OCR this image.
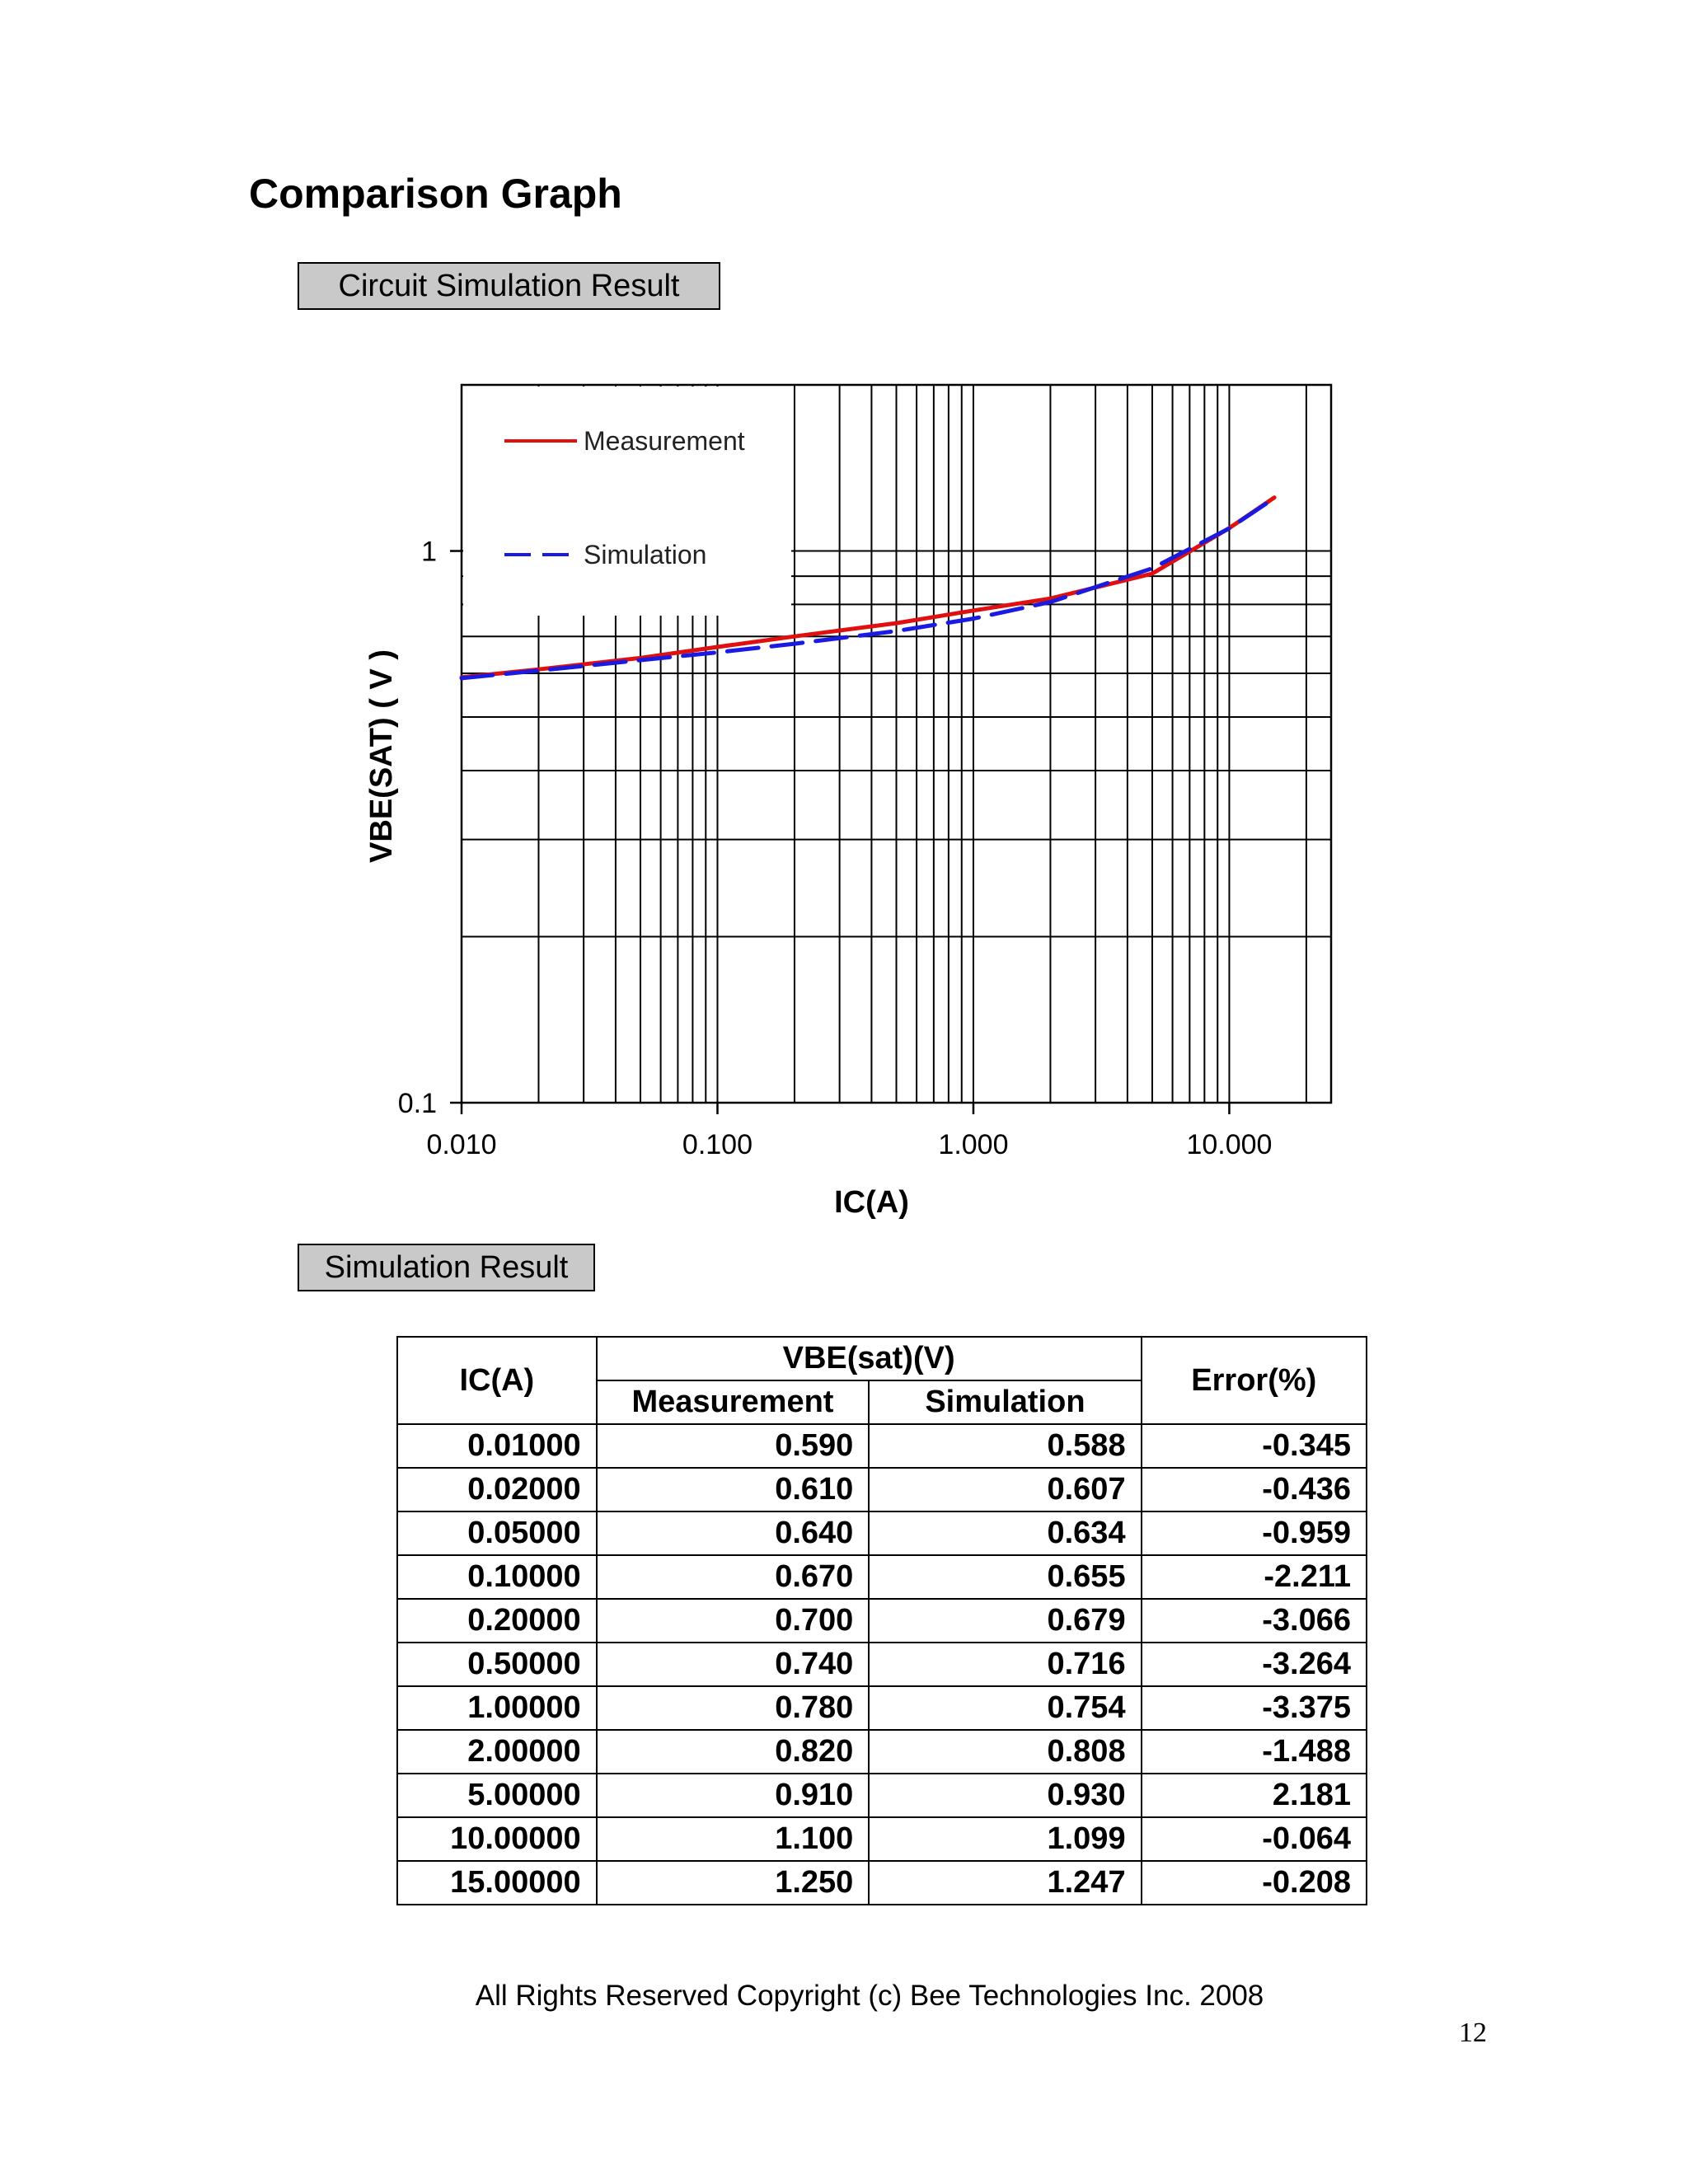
Comparison Graph
Circuit Simulation Result
Measurement
Simulation
0.010	0.100	1.000	10.000
0.1
1
IC(A)
VBE(SAT) ( V )
Simulation Result
IC(A)	VBE(sat)(V)		Error(%)
	Measurement	Simulation	
0.01000	0.590	0.588	-0.345
0.02000	0.610	0.607	-0.436
0.05000	0.640	0.634	-0.959
0.10000	0.670	0.655	-2.211
0.20000	0.700	0.679	-3.066
0.50000	0.740	0.716	-3.264
1.00000	0.780	0.754	-3.375
2.00000	0.820	0.808	-1.488
5.00000	0.910	0.930	2.181
10.00000	1.100	1.099	-0.064
15.00000	1.250	1.247	-0.208
All Rights Reserved Copyright (c) Bee Technologies Inc. 2008
12
